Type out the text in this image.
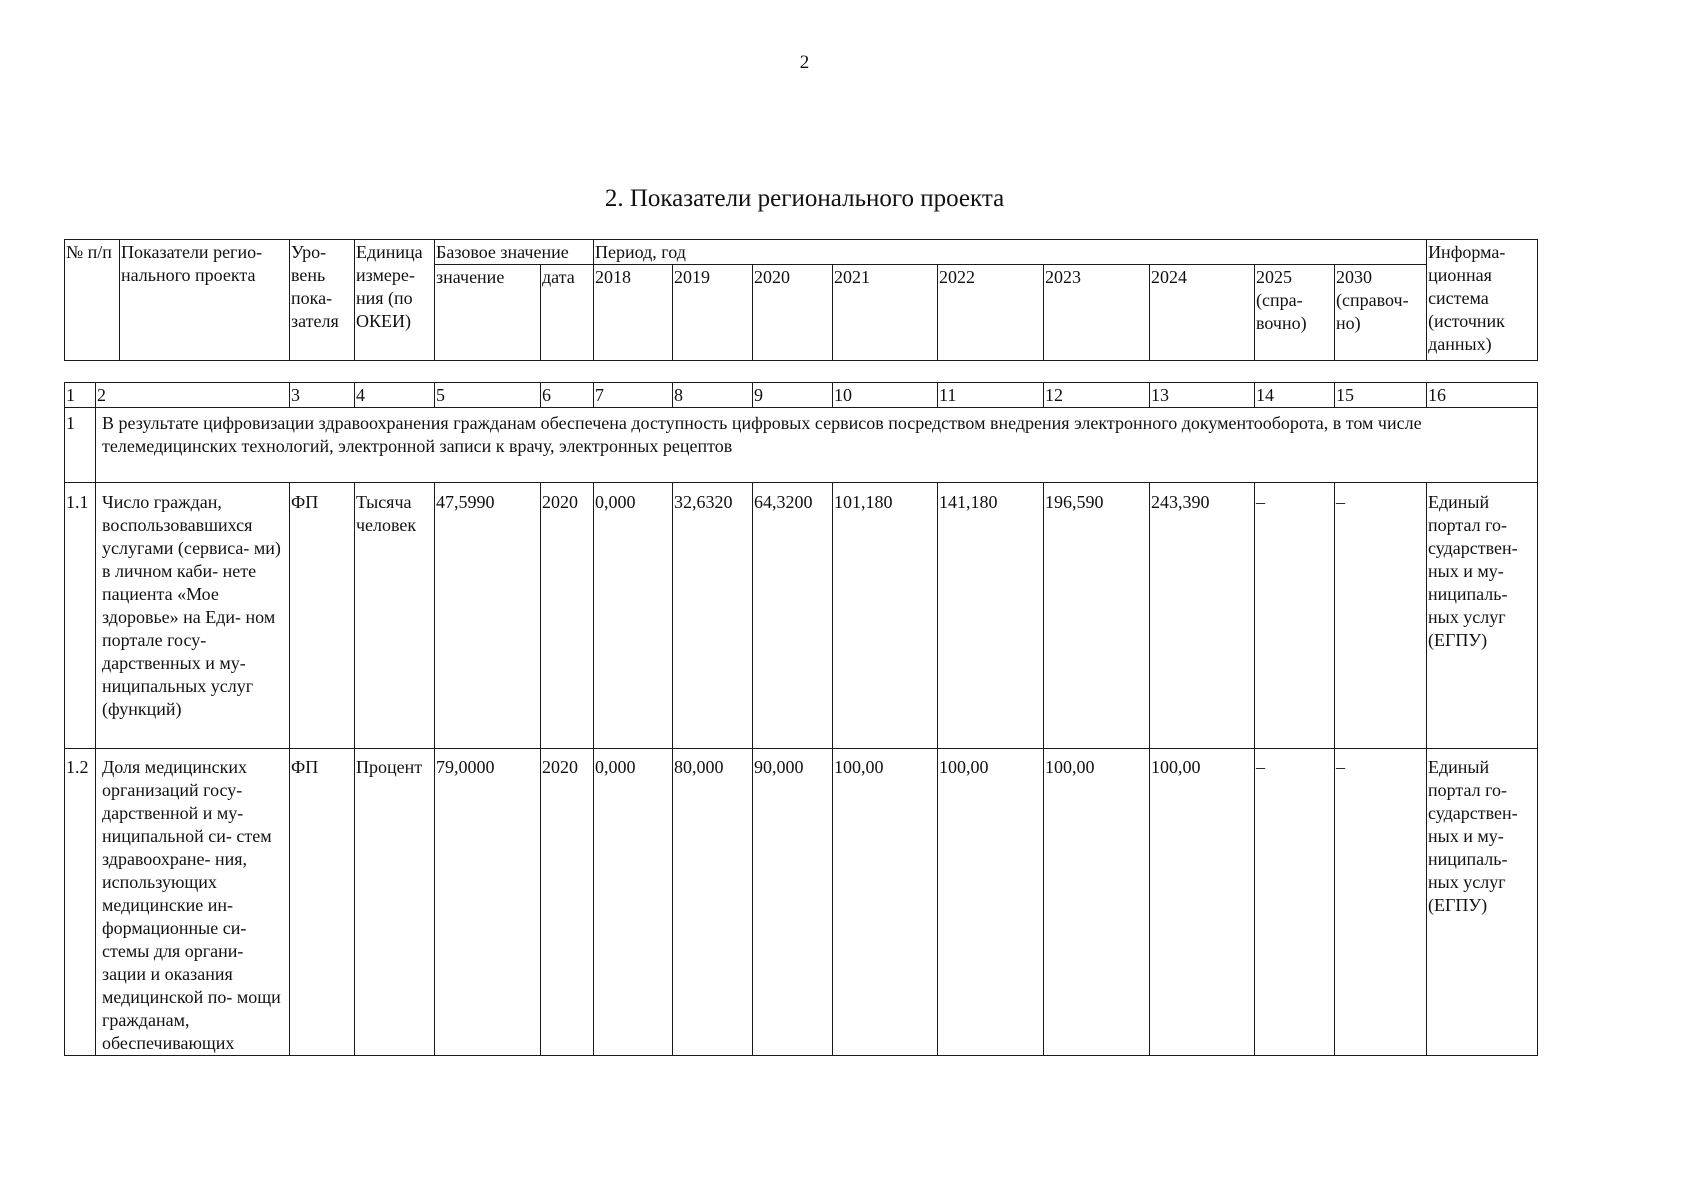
2
2. Показатели регионального проекта
№ п/п	Показатели регио- нального проекта	Уро- вень пока- зателя	Единица измере- ния (по ОКЕИ)	Базовое значение		Период, год									Информа- ционная система (источник данных)
				значение	дата	2018	2019	2020	2021	2022	2023	2024	2025 (спра- вочно)	2030 (справоч- но)	
1	2	3	4	5	6	7	8	9	10	11	12	13	14	15	16
1	В результате цифровизации здравоохранения гражданам обеспечена доступность цифровых сервисов посредством внедрения электронного документооборота, в том числе телемедицинских технологий, электронной записи к врачу, электронных рецептов														
1.1	Число граждан, воспользовавшихся услугами (сервиса- ми) в личном каби- нете пациента «Мое здоровье» на Еди- ном портале госу- дарственных и му- ниципальных услуг (функций)	ФП	Тысяча человек	47,5990	2020	0,000	32,6320	64,3200	101,180	141,180	196,590	243,390	–	–	Единый портал го- сударствен- ных и му- ниципаль- ных услуг (ЕГПУ)
1.2	Доля медицинских организаций госу- дарственной и му- ниципальной си- стем здравоохране- ния, использующих медицинские ин- формационные си- стемы для органи- зации и оказания медицинской по- мощи гражданам, обеспечивающих	ФП	Процент	79,0000	2020	0,000	80,000	90,000	100,00	100,00	100,00	100,00	–	–	Единый портал го- сударствен- ных и му- ниципаль- ных услуг (ЕГПУ)
